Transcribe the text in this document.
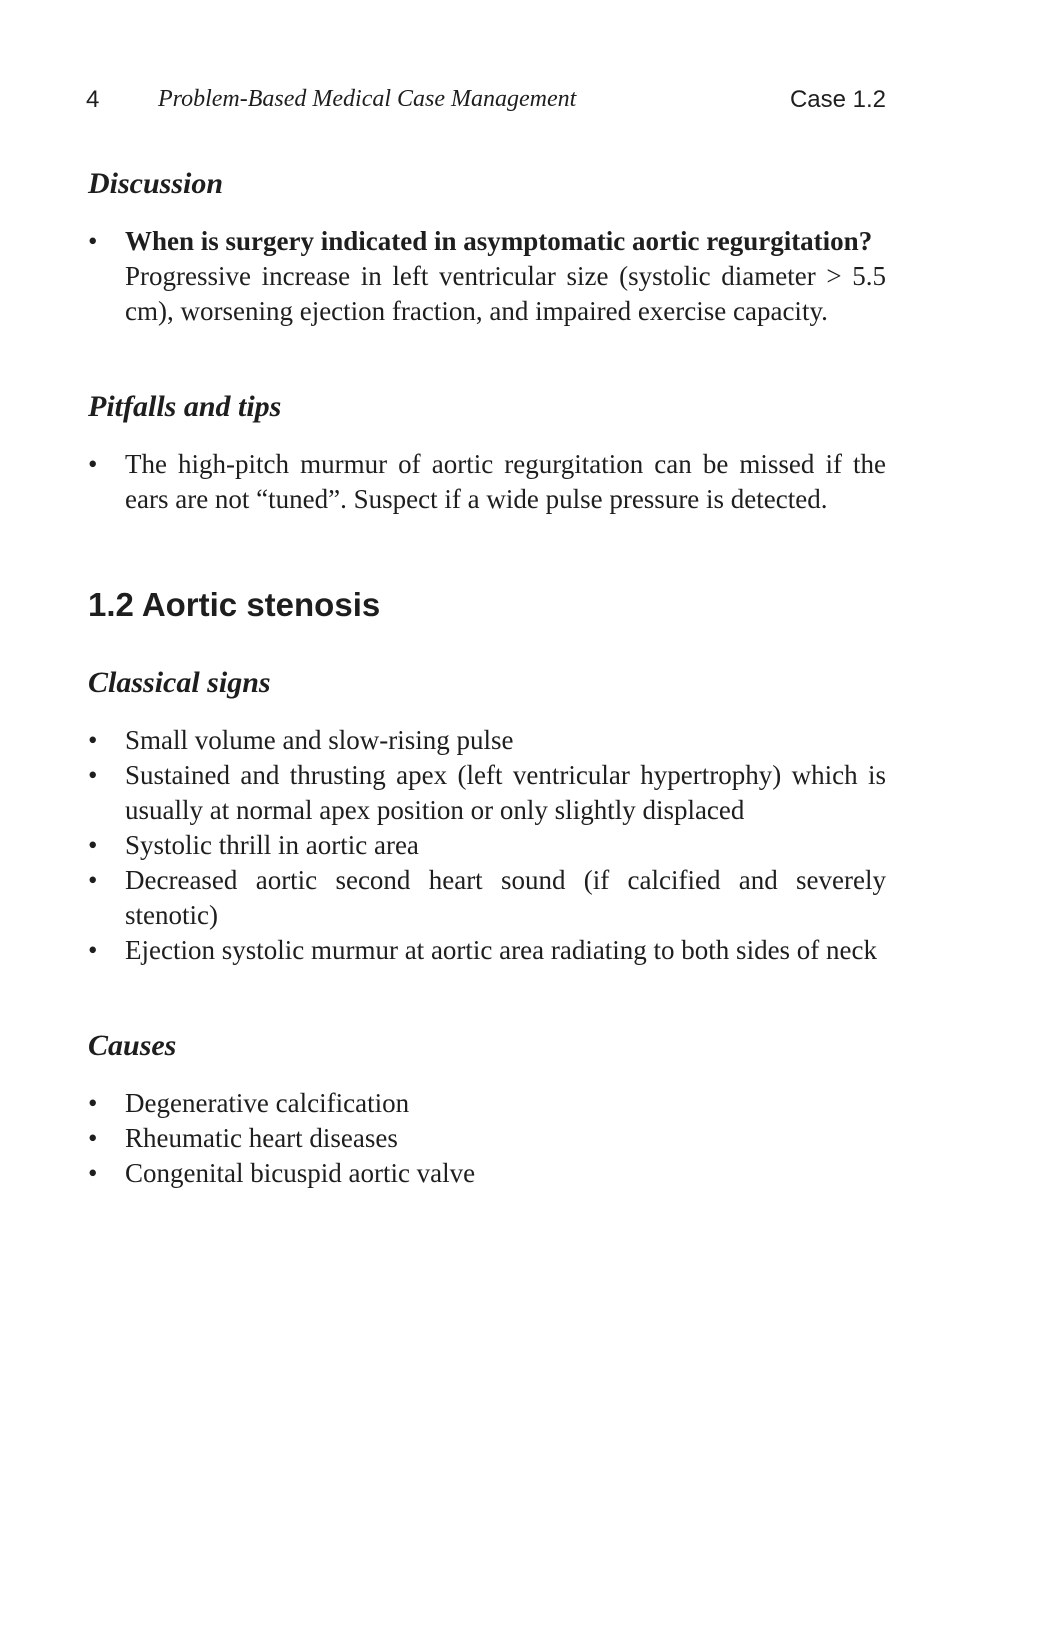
4 Problem-Based Medical Case Management	Case 1.2
Discussion
• When is surgery indicated in asymptomatic aortic regurgitation?
Progressive increase in left ventricular size (systolic diameter > 5.5 cm), worsening ejection fraction, and impaired exercise capacity.
Pitfalls and tips
• The high-pitch murmur of aortic regurgitation can be missed if the ears are not “tuned”. Suspect if a wide pulse pressure is detected.
1.2 Aortic stenosis
Classical signs
• Small volume and slow-rising pulse
• Sustained and thrusting apex (left ventricular hypertrophy) which is usually at normal apex position or only slightly displaced
• Systolic thrill in aortic area
• Decreased aortic second heart sound (if calcified and severely stenotic)
• Ejection systolic murmur at aortic area radiating to both sides of neck
Causes
• Degenerative calcification
• Rheumatic heart diseases
• Congenital bicuspid aortic valve
